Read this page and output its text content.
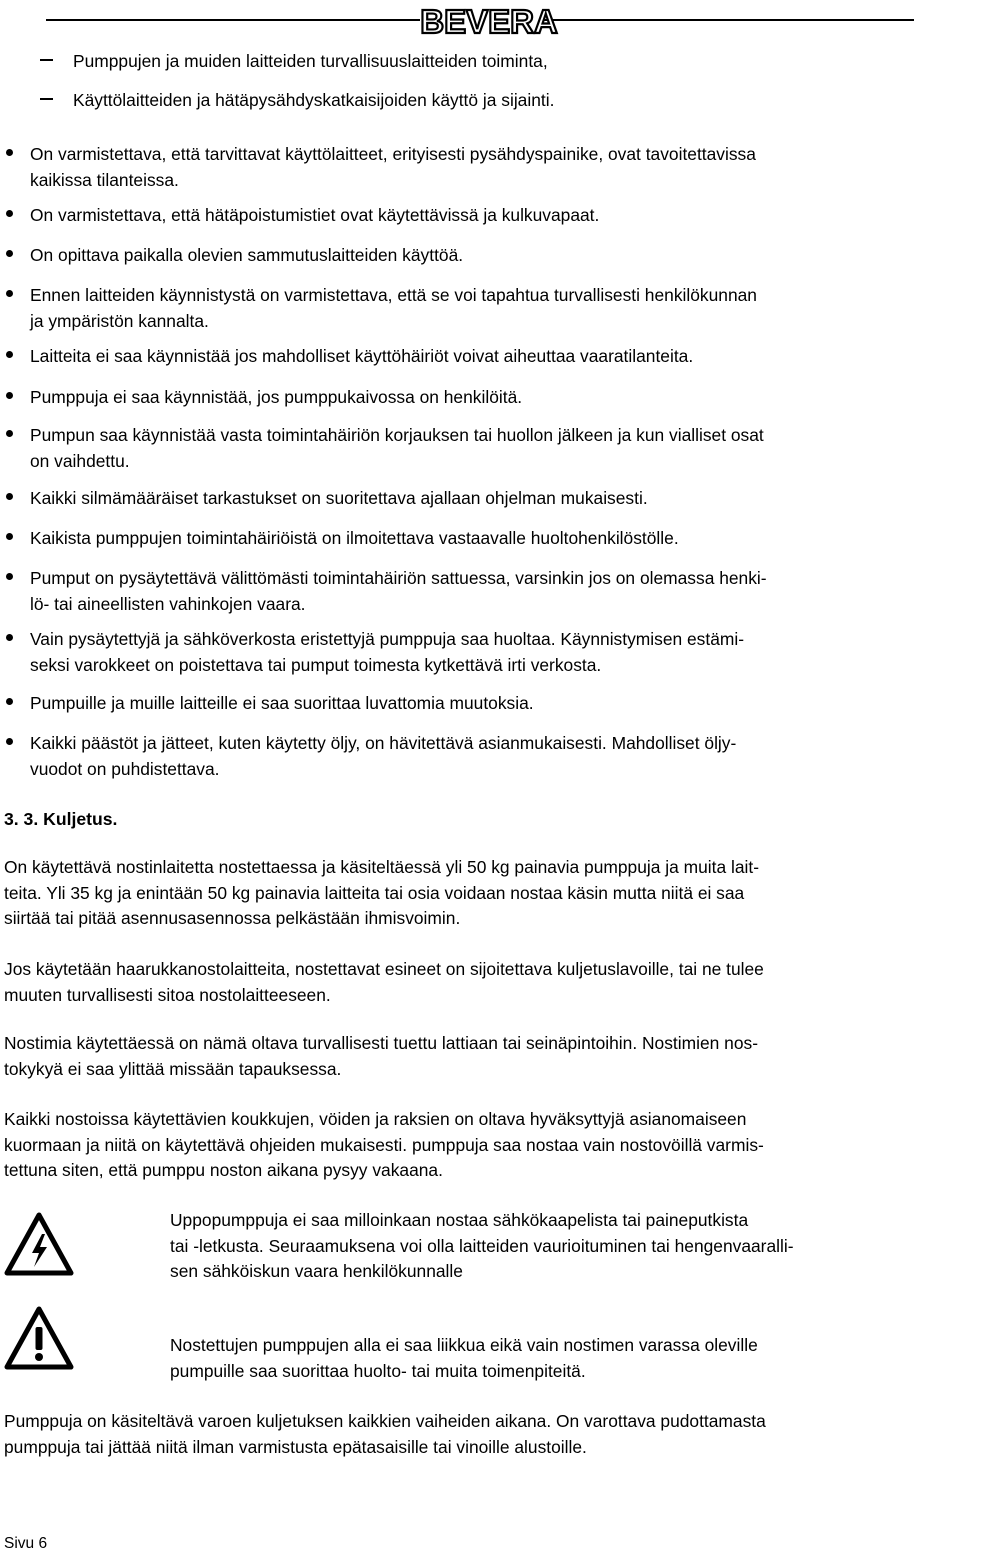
BEVERA
Pumppujen ja muiden laitteiden turvallisuuslaitteiden toiminta,
Käyttölaitteiden ja hätäpysähdyskatkaisijoiden käyttö ja sijainti.
On varmistettava, että tarvittavat käyttölaitteet, erityisesti pysähdyspainike, ovat tavoitettavissa
kaikissa tilanteissa.
On varmistettava, että hätäpoistumistiet ovat käytettävissä ja kulkuvapaat.
On opittava paikalla olevien sammutuslaitteiden käyttöä.
Ennen laitteiden käynnistystä on varmistettava, että se voi tapahtua turvallisesti henkilökunnan
ja ympäristön kannalta.
Laitteita ei saa käynnistää jos mahdolliset käyttöhäiriöt voivat aiheuttaa vaaratilanteita.
Pumppuja ei saa käynnistää, jos pumppukaivossa on henkilöitä.
Pumpun saa käynnistää vasta toimintahäiriön korjauksen tai huollon jälkeen ja kun vialliset osat
on vaihdettu.
Kaikki silmämääräiset tarkastukset on suoritettava ajallaan ohjelman mukaisesti.
Kaikista pumppujen toimintahäiriöistä on ilmoitettava vastaavalle huoltohenkilöstölle.
Pumput on pysäytettävä välittömästi toimintahäiriön sattuessa, varsinkin jos on olemassa henki-
lö- tai aineellisten vahinkojen vaara.
Vain pysäytettyjä ja sähköverkosta eristettyjä pumppuja saa huoltaa. Käynnistymisen estämi-
seksi varokkeet on poistettava tai pumput toimesta kytkettävä irti verkosta.
Pumpuille ja muille laitteille ei saa suorittaa luvattomia muutoksia.
Kaikki päästöt ja jätteet, kuten käytetty öljy, on hävitettävä asianmukaisesti. Mahdolliset öljy-
vuodot on puhdistettava.
3. 3. Kuljetus.
On käytettävä nostinlaitetta nostettaessa ja käsiteltäessä yli 50 kg painavia pumppuja ja muita lait-
teita. Yli 35 kg ja enintään 50 kg painavia laitteita tai osia voidaan nostaa käsin mutta niitä ei saa
siirtää tai pitää asennusasennossa pelkästään ihmisvoimin.
Jos käytetään haarukkanostolaitteita, nostettavat esineet on sijoitettava kuljetuslavoille, tai ne tulee
muuten turvallisesti sitoa nostolaitteeseen.
Nostimia käytettäessä on nämä oltava turvallisesti tuettu lattiaan tai seinäpintoihin. Nostimien nos-
tokykyä ei saa ylittää missään tapauksessa.
Kaikki nostoissa käytettävien koukkujen, vöiden ja raksien on oltava hyväksyttyjä asianomaiseen
kuormaan ja niitä on käytettävä ohjeiden mukaisesti. pumppuja saa nostaa vain nostovöillä varmis-
tettuna siten, että pumppu noston aikana pysyy vakaana.
Uppopumppuja ei saa milloinkaan nostaa sähkökaapelista tai paineputkista
tai -letkusta. Seuraamuksena voi olla laitteiden vaurioituminen tai hengenvaaralli-
sen sähköiskun vaara henkilökunnalle
Nostettujen pumppujen alla ei saa liikkua eikä vain nostimen varassa oleville
pumpuille saa suorittaa huolto- tai muita toimenpiteitä.
Pumppuja on käsiteltävä varoen kuljetuksen kaikkien vaiheiden aikana. On varottava pudottamasta
pumppuja tai jättää niitä ilman varmistusta epätasaisille tai vinoille alustoille.
Sivu 6
